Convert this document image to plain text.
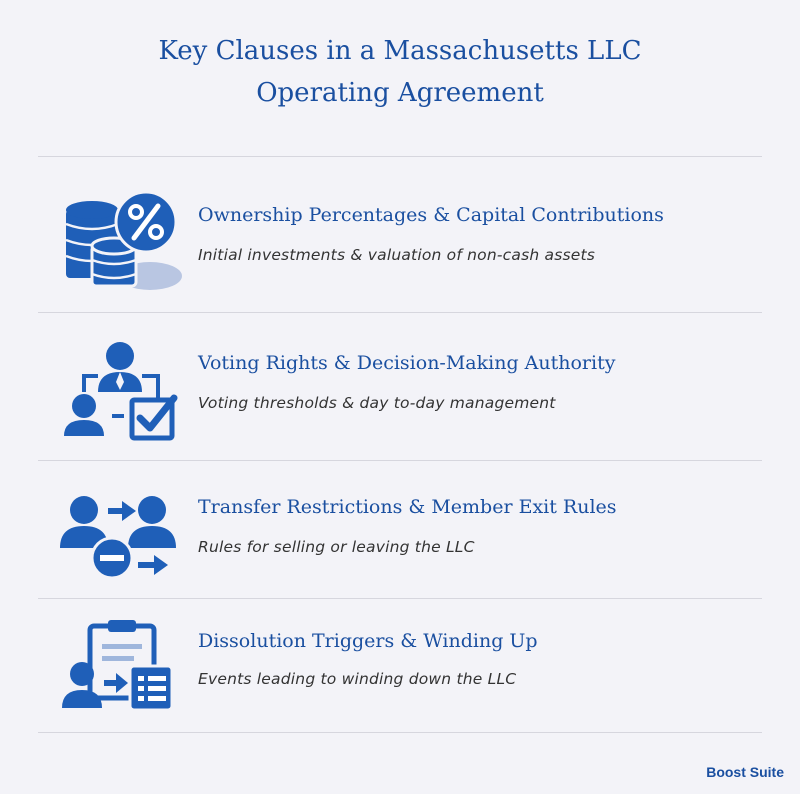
Key Clauses in a Massachusetts LLC
Operating Agreement
Ownership Percentages & Capital Contributions
Initial investments & valuation of non-cash assets
Voting Rights & Decision-Making Authority
Voting thresholds & day to-day management
Transfer Restrictions & Member Exit Rules
Rules for selling or leaving the LLC
Dissolution Triggers & Winding Up
Events leading to winding down the LLC
Boost Suite
